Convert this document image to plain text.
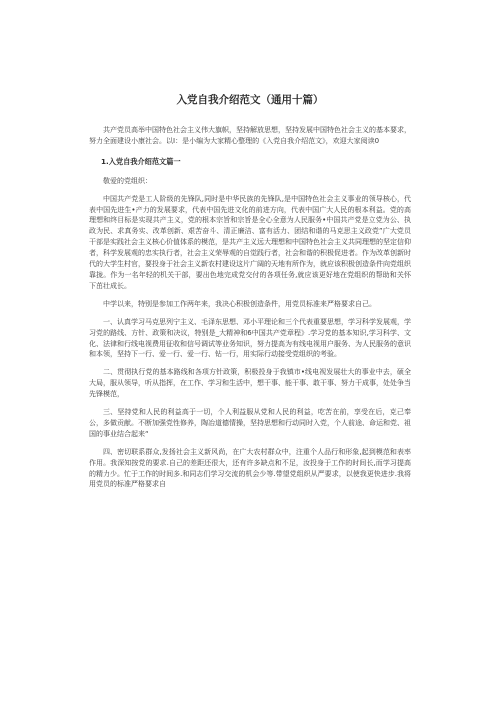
入党自我介绍范文（通用十篇）

共产党员高举中国特色社会主义伟大旗帜，坚持解放思想，坚持发展中国特色社会主义的基本要求，努力全面建设小康社会。以I：是小编为大家精心整理的《入党自我介绍范文》，欢迎大家阅读0

1.入党自我介绍范文篇一

敬爱的党组织：

中国共产党是工人阶级的先锋队,同时是中华民族的先锋队,是中国特色社会主义事业的领导核心，代表中国先进生•产力的发展要求，代表中国先进文化的前进方向，代表中国广大人民的根本利益。党的高理想和终目标是实现共产主义，党的根本宗旨和宗旨是全心全意为人民服务•中国共产党是立党为公、执政为民、求真务实、改革创新、艰苦奋斗、清正廉洁、富有活力、团结和谐的马克思主义政党”广大党员干部是实践社会主义核心价值体系的模范，是共产主义远大理想和中国特色社会主义共同理想的坚定信仰者，科学发展观的忠实执行者，社会主义荣辱观的自觉践行者，社会和谐的积极促进者。作为改革创新时代的大学生村官，要投身于社会主义新农村建设这片广阔的天地有所作为，就应该积极创造条件向党组织靠拢。作为一名年轻的机关干部，要出色地完成党交付的各项任务,就应该更好地在党组织的帮助和关怀下茁壮成长。

中学以来，特别是参加工作两年来，我决心积极创造条件，用党员标准来严格要求自己。

一、认真学习马克思列宁主义、毛泽东思想、邓小平理论和三个代表重要思想，学习科学发展观，学习党的路线、方针、政策和决议，特别是_大精神和6中国共产党章程》.学习党的基本知识,学习科学、文化、法律和行线电视费用征收和信号调试等业务知识，努力提高为有线电视用户服务、为人民服务的意识和本领，坚持下一行、爱一行、爱一行、钻一行，用实际行动接受党组织的考验。

二、贯彻执行党的基本路线和各项方针政策，积极投身于我镇市•线电视发展壮大的事业中去，硕全大局，服从领导，听从指挥，在工作、学习和生活中，想干事、能干事、敢干事、努力干成事，处处争当先锋模范，

三、坚持党和人民的利益高于一切，个人利益服从党和人民的利益，吃苦在前，享受在后，克己奉公，多做贡献。不断加强党性修养，陶冶道德情操，坚持思想和行动同时入党，个人前途、命运和党、祖国的事业结合起来“

四、密切联系群众,发扬社会主义新风尚，在广大农村群众中，注重个人品行和形象,起到模范和表率作用。我深知按党的要求.自己的差距还很大，还有许多缺点和不足，汝投身于工作的时间长,而学习提高的精力少。忙于工作的时间多.和同志们学习交流的机会少等.带望党组织从严要求，以使我更快进步.我将用党员的标准严格要求自
